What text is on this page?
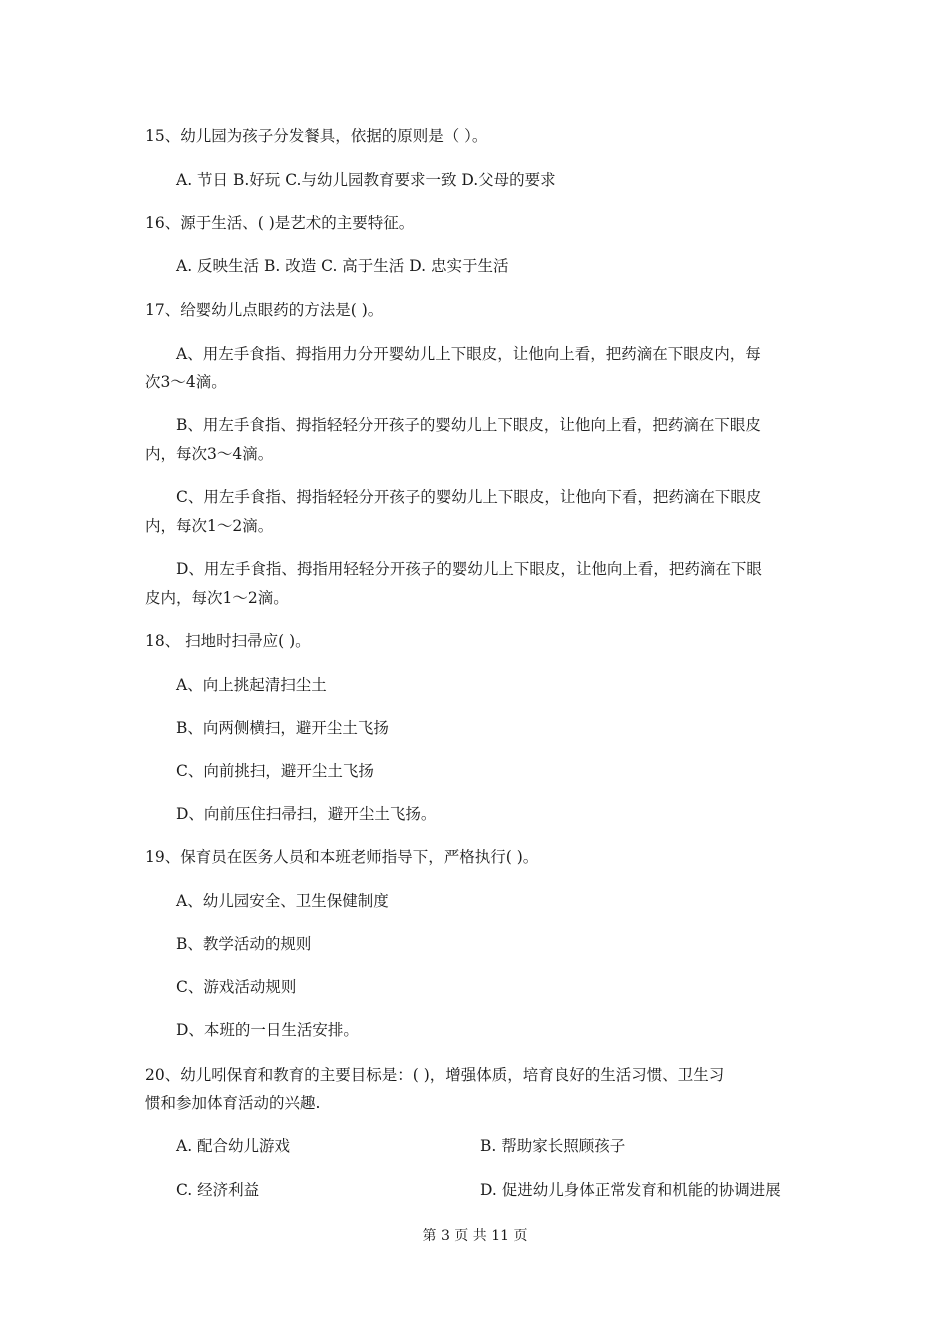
15、幼儿园为孩子分发餐具，依据的原则是（ ）。
A. 节日 B.好玩 C.与幼儿园教育要求一致 D.父母的要求
16、源于生活、( )是艺术的主要特征。
A. 反映生活 B. 改造 C. 高于生活 D. 忠实于生活
17、给婴幼儿点眼药的方法是( )。
A、用左手食指、拇指用力分开婴幼儿上下眼皮，让他向上看，把药滴在下眼皮内，每
次3～4滴。
B、用左手食指、拇指轻轻分开孩子的婴幼儿上下眼皮，让他向上看，把药滴在下眼皮
内，每次3～4滴。
C、用左手食指、拇指轻轻分开孩子的婴幼儿上下眼皮，让他向下看，把药滴在下眼皮
内，每次1～2滴。
D、用左手食指、拇指用轻轻分开孩子的婴幼儿上下眼皮，让他向上看，把药滴在下眼
皮内，每次1～2滴。
18、 扫地时扫帚应( )。
A、向上挑起清扫尘土
B、向两侧横扫，避开尘土飞扬
C、向前挑扫，避开尘土飞扬
D、向前压住扫帚扫，避开尘土飞扬。
19、保育员在医务人员和本班老师指导下，严格执行( )。
A、幼儿园安全、卫生保健制度
B、教学活动的规则
C、游戏活动规则
D、本班的一日生活安排。
20、幼儿吲保育和教育的主要目标是：( )，增强体质，培育良好的生活习惯、卫生习
惯和参加体育活动的兴趣.
A. 配合幼儿游戏	B. 帮助家长照顾孩子
C. 经济利益	D. 促进幼儿身体正常发育和机能的协调进展
第 3 页 共 11 页
